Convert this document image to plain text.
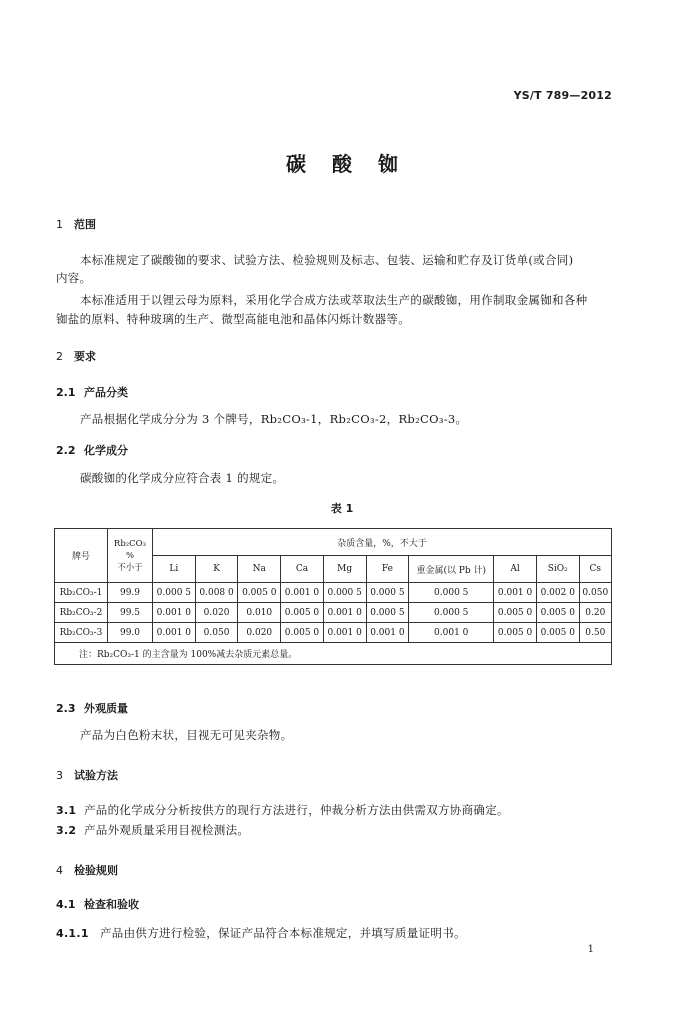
YS/T 789—2012
碳酸铷
1 范围
本标准规定了碳酸铷的要求、试验方法、检验规则及标志、包装、运输和贮存及订货单(或合同)
内容。
本标准适用于以锂云母为原料，采用化学合成方法或萃取法生产的碳酸铷，用作制取金属铷和各种
铷盐的原料、特种玻璃的生产、微型高能电池和晶体闪烁计数器等。
2 要求
2.1 产品分类
产品根据化学成分分为 3 个牌号，Rb₂CO₃-1，Rb₂CO₃-2，Rb₂CO₃-3。
2.2 化学成分
碳酸铷的化学成分应符合表 1 的规定。
表 1
牌号	Rb₂CO₃
%
不小于	杂质含量，%，不大于									
		Li	K	Na	Ca	Mg	Fe	重金属(以 Pb 计)	Al	SiO₂	Cs
Rb₂CO₃-1	99.9	0.000 5	0.008 0	0.005 0	0.001 0	0.000 5	0.000 5	0.000 5	0.001 0	0.002 0	0.050
Rb₂CO₃-2	99.5	0.001 0	0.020	0.010	0.005 0	0.001 0	0.000 5	0.000 5	0.005 0	0.005 0	0.20
Rb₂CO₃-3	99.0	0.001 0	0.050	0.020	0.005 0	0.001 0	0.001 0	0.001 0	0.005 0	0.005 0	0.50
注：Rb₂CO₃-1 的主含量为 100%减去杂质元素总量。											
2.3 外观质量
产品为白色粉末状，目视无可见夹杂物。
3 试验方法
3.1 产品的化学成分分析按供方的现行方法进行，仲裁分析方法由供需双方协商确定。
3.2 产品外观质量采用目视检测法。
4 检验规则
4.1 检查和验收
4.1.1 产品由供方进行检验，保证产品符合本标准规定，并填写质量证明书。
1
